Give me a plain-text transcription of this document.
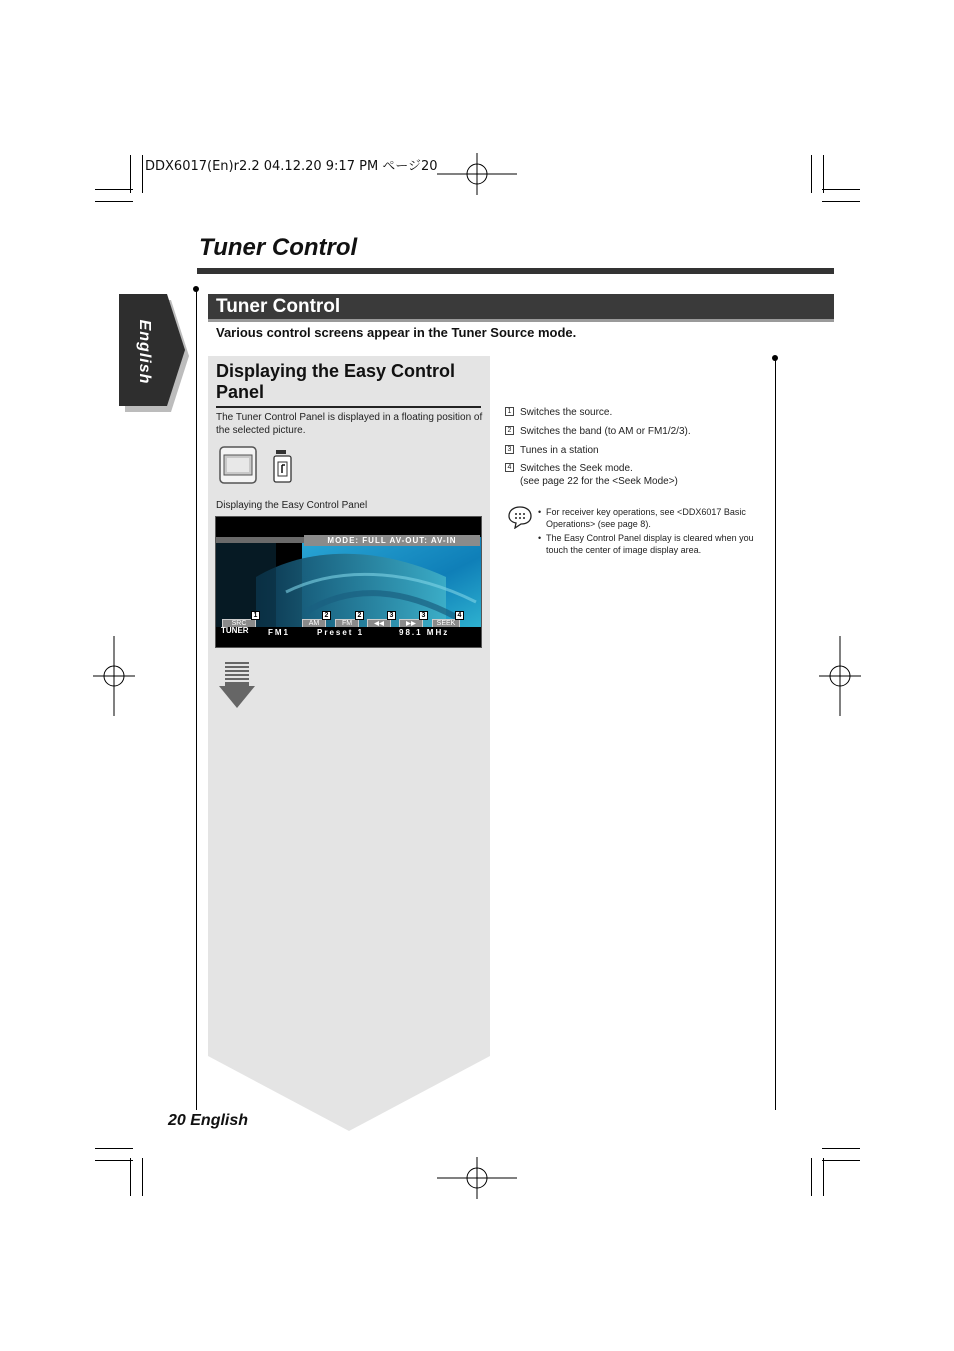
DDX6017(En)r2.2 04.12.20 9:17 PM ページ20
Tuner Control
English
Tuner Control
Various control screens appear in the Tuner Source mode.
Displaying the Easy Control Panel
The Tuner Control Panel is displayed in a floating position of the selected picture.
Displaying the Easy Control Panel
MODE: FULL AV-OUT: AV-IN
SRC
1
AM
2
FM
2	3	3
SEEK
4
TUNER FM1	Preset 1	98.1 MHz
1 Switches the source.
2 Switches the band (to AM or FM1/2/3).
3 Tunes in a station
4 Switches the Seek mode.
(see page 22 for the <Seek Mode>)
• For receiver key operations, see <DDX6017 Basic Operations> (see page 8).
• The Easy Control Panel display is cleared when you touch the center of image display area.
20 English
